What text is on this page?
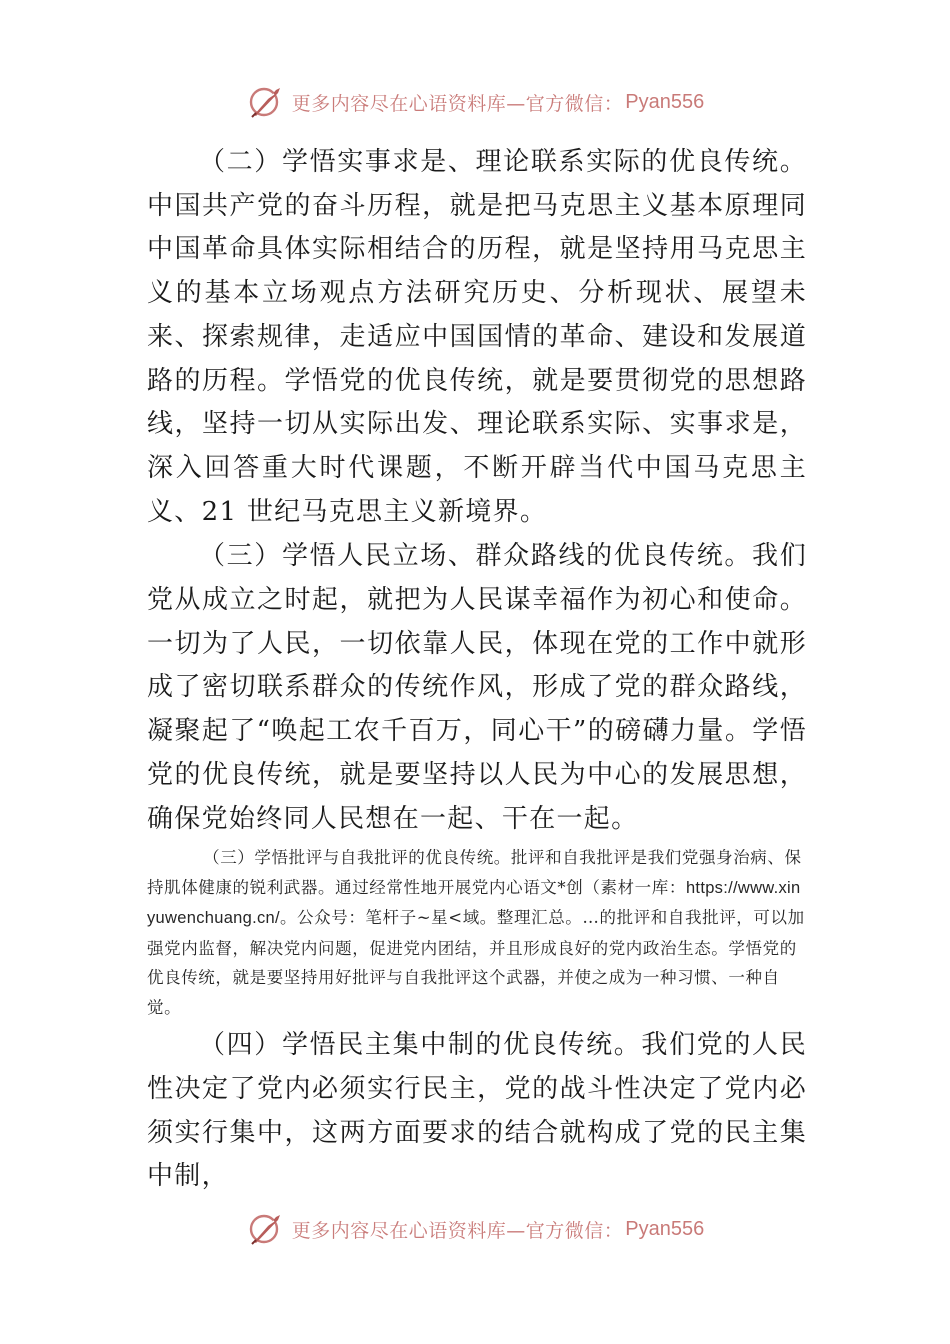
更多内容尽在心语资料库—官方微信： Pyan556

（二）学悟实事求是、理论联系实际的优良传统。中国共产党的奋斗历程，就是把马克思主义基本原理同中国革命具体实际相结合的历程，就是坚持用马克思主义的基本立场观点方法研究历史、分析现状、展望未来、探索规律，走适应中国国情的革命、建设和发展道路的历程。学悟党的优良传统，就是要贯彻党的思想路线，坚持一切从实际出发、理论联系实际、实事求是，深入回答重大时代课题，不断开辟当代中国马克思主义、21 世纪马克思主义新境界。

（三）学悟人民立场、群众路线的优良传统。我们党从成立之时起，就把为人民谋幸福作为初心和使命。一切为了人民，一切依靠人民，体现在党的工作中就形成了密切联系群众的传统作风，形成了党的群众路线，凝聚起了“唤起工农千百万，同心干”的磅礴力量。学悟党的优良传统，就是要坚持以人民为中心的发展思想，确保党始终同人民想在一起、干在一起。

（三）学悟批评与自我批评的优良传统。批评和自我批评是我们党强身治病、保持肌体健康的锐利武器。通过经常性地开展党内心语文*创（素材一库：https://www.xinyuwenchuang.cn/。公众号：笔杆子~星<域。整理汇总。…的批评和自我批评，可以加强党内监督，解决党内问题，促进党内团结，并且形成良好的党内政治生态。学悟党的优良传统，就是要坚持用好批评与自我批评这个武器，并使之成为一种习惯、一种自觉。

（四）学悟民主集中制的优良传统。我们党的人民性决定了党内必须实行民主，党的战斗性决定了党内必须实行集中，这两方面要求的结合就构成了党的民主集中制，

更多内容尽在心语资料库—官方微信： Pyan556
